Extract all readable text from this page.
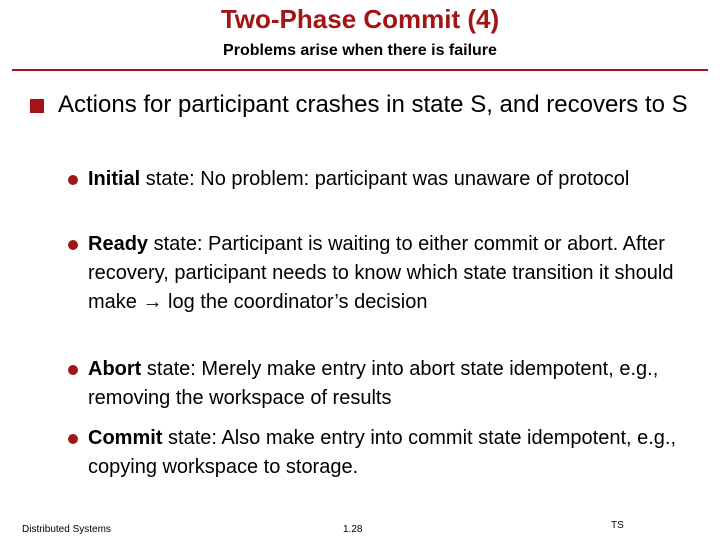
Two-Phase Commit (4)
Problems arise when there is failure
Actions for participant crashes in state S, and recovers to S
Initial state: No problem: participant was unaware of protocol
Ready state: Participant is waiting to either commit or abort. After recovery, participant needs to know which state transition it should make → log the coordinator’s decision
Abort state: Merely make entry into abort state idempotent, e.g., removing the workspace of results
Commit state: Also make entry into commit state idempotent, e.g., copying workspace to storage.
Distributed Systems	1.28	TS
